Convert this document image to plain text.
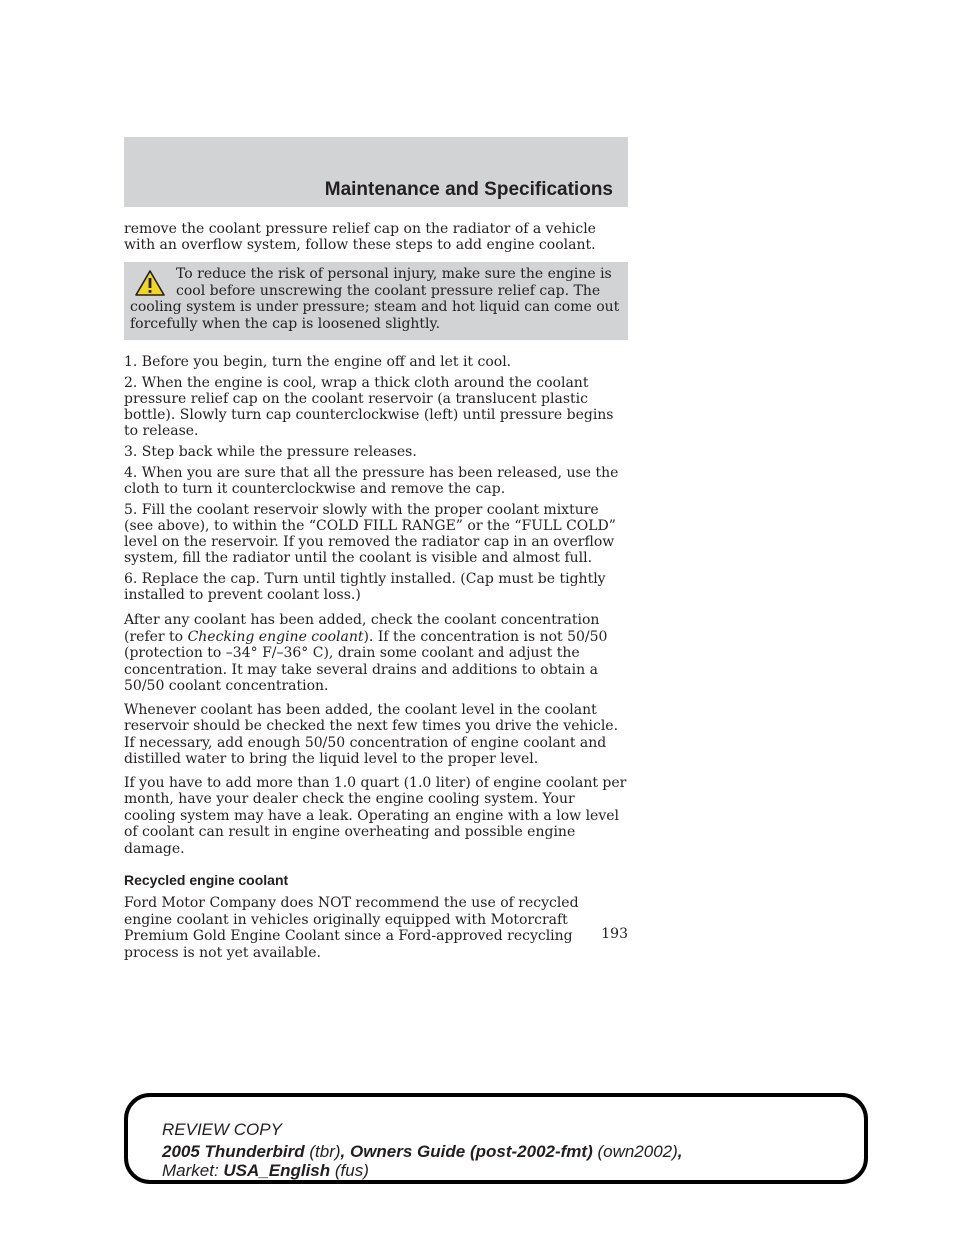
Maintenance and Specifications

remove the coolant pressure relief cap on the radiator of a vehicle with an overflow system, follow these steps to add engine coolant.

To reduce the risk of personal injury, make sure the engine is cool before unscrewing the coolant pressure relief cap. The cooling system is under pressure; steam and hot liquid can come out forcefully when the cap is loosened slightly.

1. Before you begin, turn the engine off and let it cool.

2. When the engine is cool, wrap a thick cloth around the coolant pressure relief cap on the coolant reservoir (a translucent plastic bottle). Slowly turn cap counterclockwise (left) until pressure begins to release.

3. Step back while the pressure releases.

4. When you are sure that all the pressure has been released, use the cloth to turn it counterclockwise and remove the cap.

5. Fill the coolant reservoir slowly with the proper coolant mixture (see above), to within the “COLD FILL RANGE” or the “FULL COLD” level on the reservoir. If you removed the radiator cap in an overflow system, fill the radiator until the coolant is visible and almost full.

6. Replace the cap. Turn until tightly installed. (Cap must be tightly installed to prevent coolant loss.)

After any coolant has been added, check the coolant concentration (refer to Checking engine coolant). If the concentration is not 50/50 (protection to –34° F/–36° C), drain some coolant and adjust the concentration. It may take several drains and additions to obtain a 50/50 coolant concentration.

Whenever coolant has been added, the coolant level in the coolant reservoir should be checked the next few times you drive the vehicle. If necessary, add enough 50/50 concentration of engine coolant and distilled water to bring the liquid level to the proper level.

If you have to add more than 1.0 quart (1.0 liter) of engine coolant per month, have your dealer check the engine cooling system. Your cooling system may have a leak. Operating an engine with a low level of coolant can result in engine overheating and possible engine damage.

Recycled engine coolant

Ford Motor Company does NOT recommend the use of recycled engine coolant in vehicles originally equipped with Motorcraft Premium Gold Engine Coolant since a Ford-approved recycling process is not yet available.

193
REVIEW COPY
2005 Thunderbird (tbr), Owners Guide (post-2002-fmt) (own2002),
Market: USA_English (fus)
